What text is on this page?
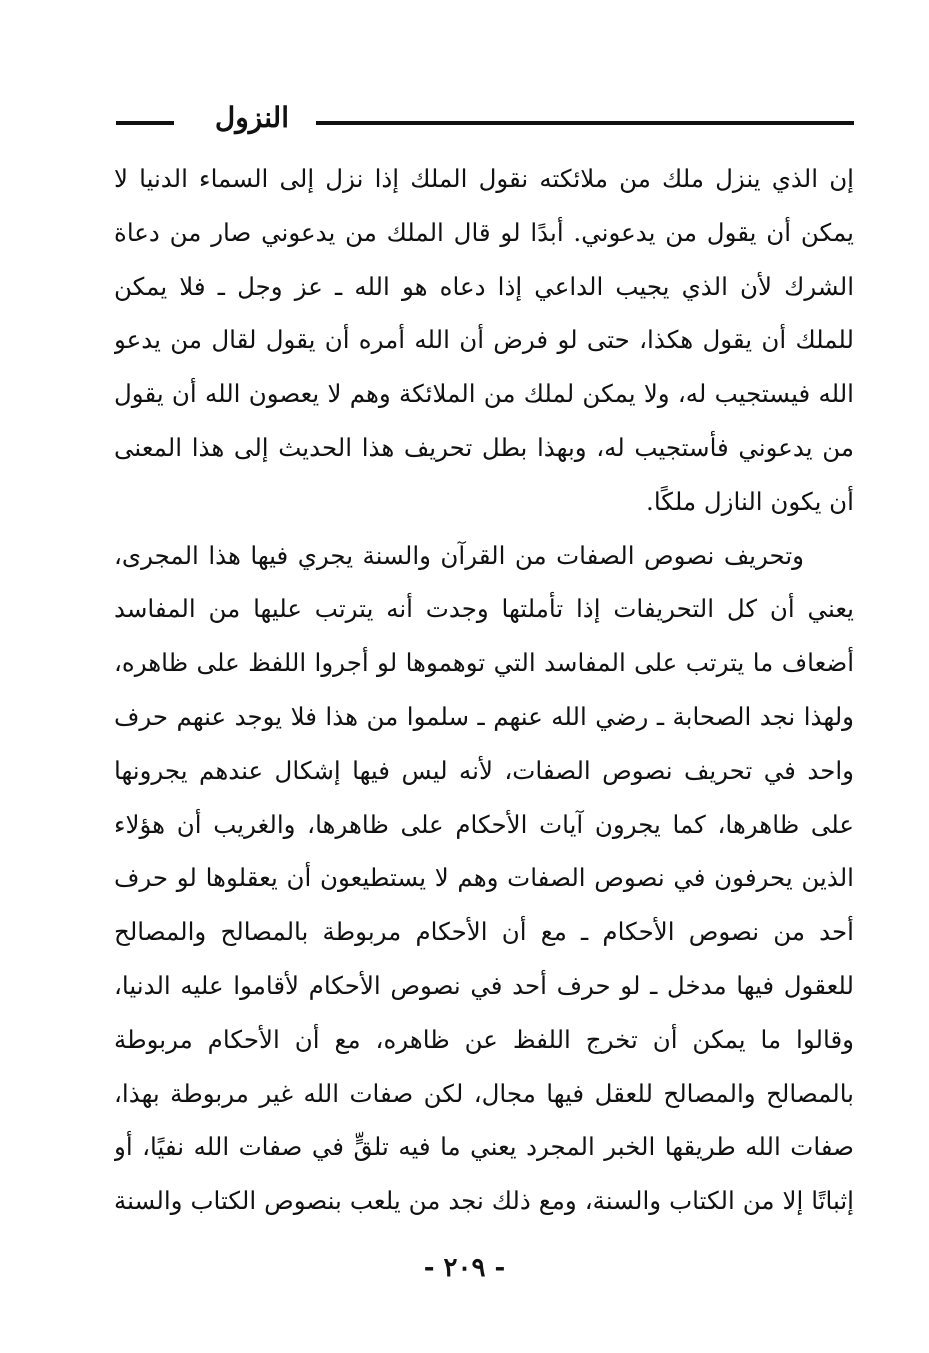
النزول

إن الذي ينزل ملك من ملائكته نقول الملك إذا نزل إلى السماء الدنيا لا يمكن أن يقول من يدعوني. أبدًا لو قال الملك من يدعوني صار من دعاة الشرك لأن الذي يجيب الداعي إذا دعاه هو الله ـ عز وجل ـ فلا يمكن للملك أن يقول هكذا، حتى لو فرض أن الله أمره أن يقول لقال من يدعو الله فيستجيب له، ولا يمكن لملك من الملائكة وهم لا يعصون الله أن يقول من يدعوني فأستجيب له، وبهذا بطل تحريف هذا الحديث إلى هذا المعنى أن يكون النازل ملكًا.

وتحريف نصوص الصفات من القرآن والسنة يجري فيها هذا المجرى، يعني أن كل التحريفات إذا تأملتها وجدت أنه يترتب عليها من المفاسد أضعاف ما يترتب على المفاسد التي توهموها لو أجروا اللفظ على ظاهره، ولهذا نجد الصحابة ـ رضي الله عنهم ـ سلموا من هذا فلا يوجد عنهم حرف واحد في تحريف نصوص الصفات، لأنه ليس فيها إشكال عندهم يجرونها على ظاهرها، كما يجرون آيات الأحكام على ظاهرها، والغريب أن هؤلاء الذين يحرفون في نصوص الصفات وهم لا يستطيعون أن يعقلوها لو حرف أحد من نصوص الأحكام ـ مع أن الأحكام مربوطة بالمصالح والمصالح للعقول فيها مدخل ـ لو حرف أحد في نصوص الأحكام لأقاموا عليه الدنيا، وقالوا ما يمكن أن تخرج اللفظ عن ظاهره، مع أن الأحكام مربوطة بالمصالح والمصالح للعقل فيها مجال، لكن صفات الله غير مربوطة بهذا، صفات الله طريقها الخبر المجرد يعني ما فيه تلقٍّ في صفات الله نفيًا، أو إثباتًا إلا من الكتاب والسنة، ومع ذلك نجد من يلعب بنصوص الكتاب والسنة

- ٢٠٩ -
